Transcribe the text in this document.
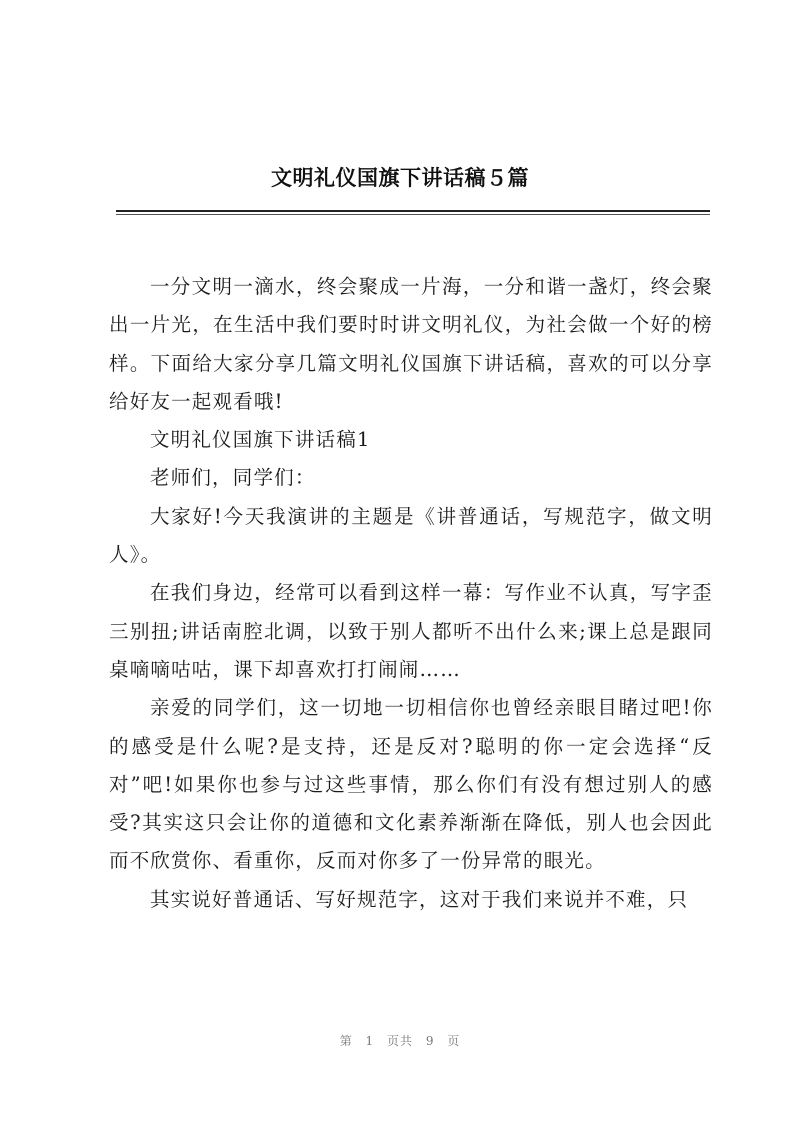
文明礼仪国旗下讲话稿５篇

一分文明一滴水，终会聚成一片海，一分和谐一盏灯，终会聚出一片光，在生活中我们要时时讲文明礼仪，为社会做一个好的榜样。下面给大家分享几篇文明礼仪国旗下讲话稿，喜欢的可以分享给好友一起观看哦!

文明礼仪国旗下讲话稿1

老师们，同学们：

大家好!今天我演讲的主题是《讲普通话，写规范字，做文明人》。

在我们身边，经常可以看到这样一幕：写作业不认真，写字歪三别扭;讲话南腔北调，以致于别人都听不出什么来;课上总是跟同桌嘀嘀咕咕，课下却喜欢打打闹闹……

亲爱的同学们，这一切地一切相信你也曾经亲眼目睹过吧!你的感受是什么呢?是支持，还是反对?聪明的你一定会选择“反对”吧!如果你也参与过这些事情，那么你们有没有想过别人的感受?其实这只会让你的道德和文化素养渐渐在降低，别人也会因此而不欣赏你、看重你，反而对你多了一份异常的眼光。

其实说好普通话、写好规范字，这对于我们来说并不难，只

第 1 页共 9 页
